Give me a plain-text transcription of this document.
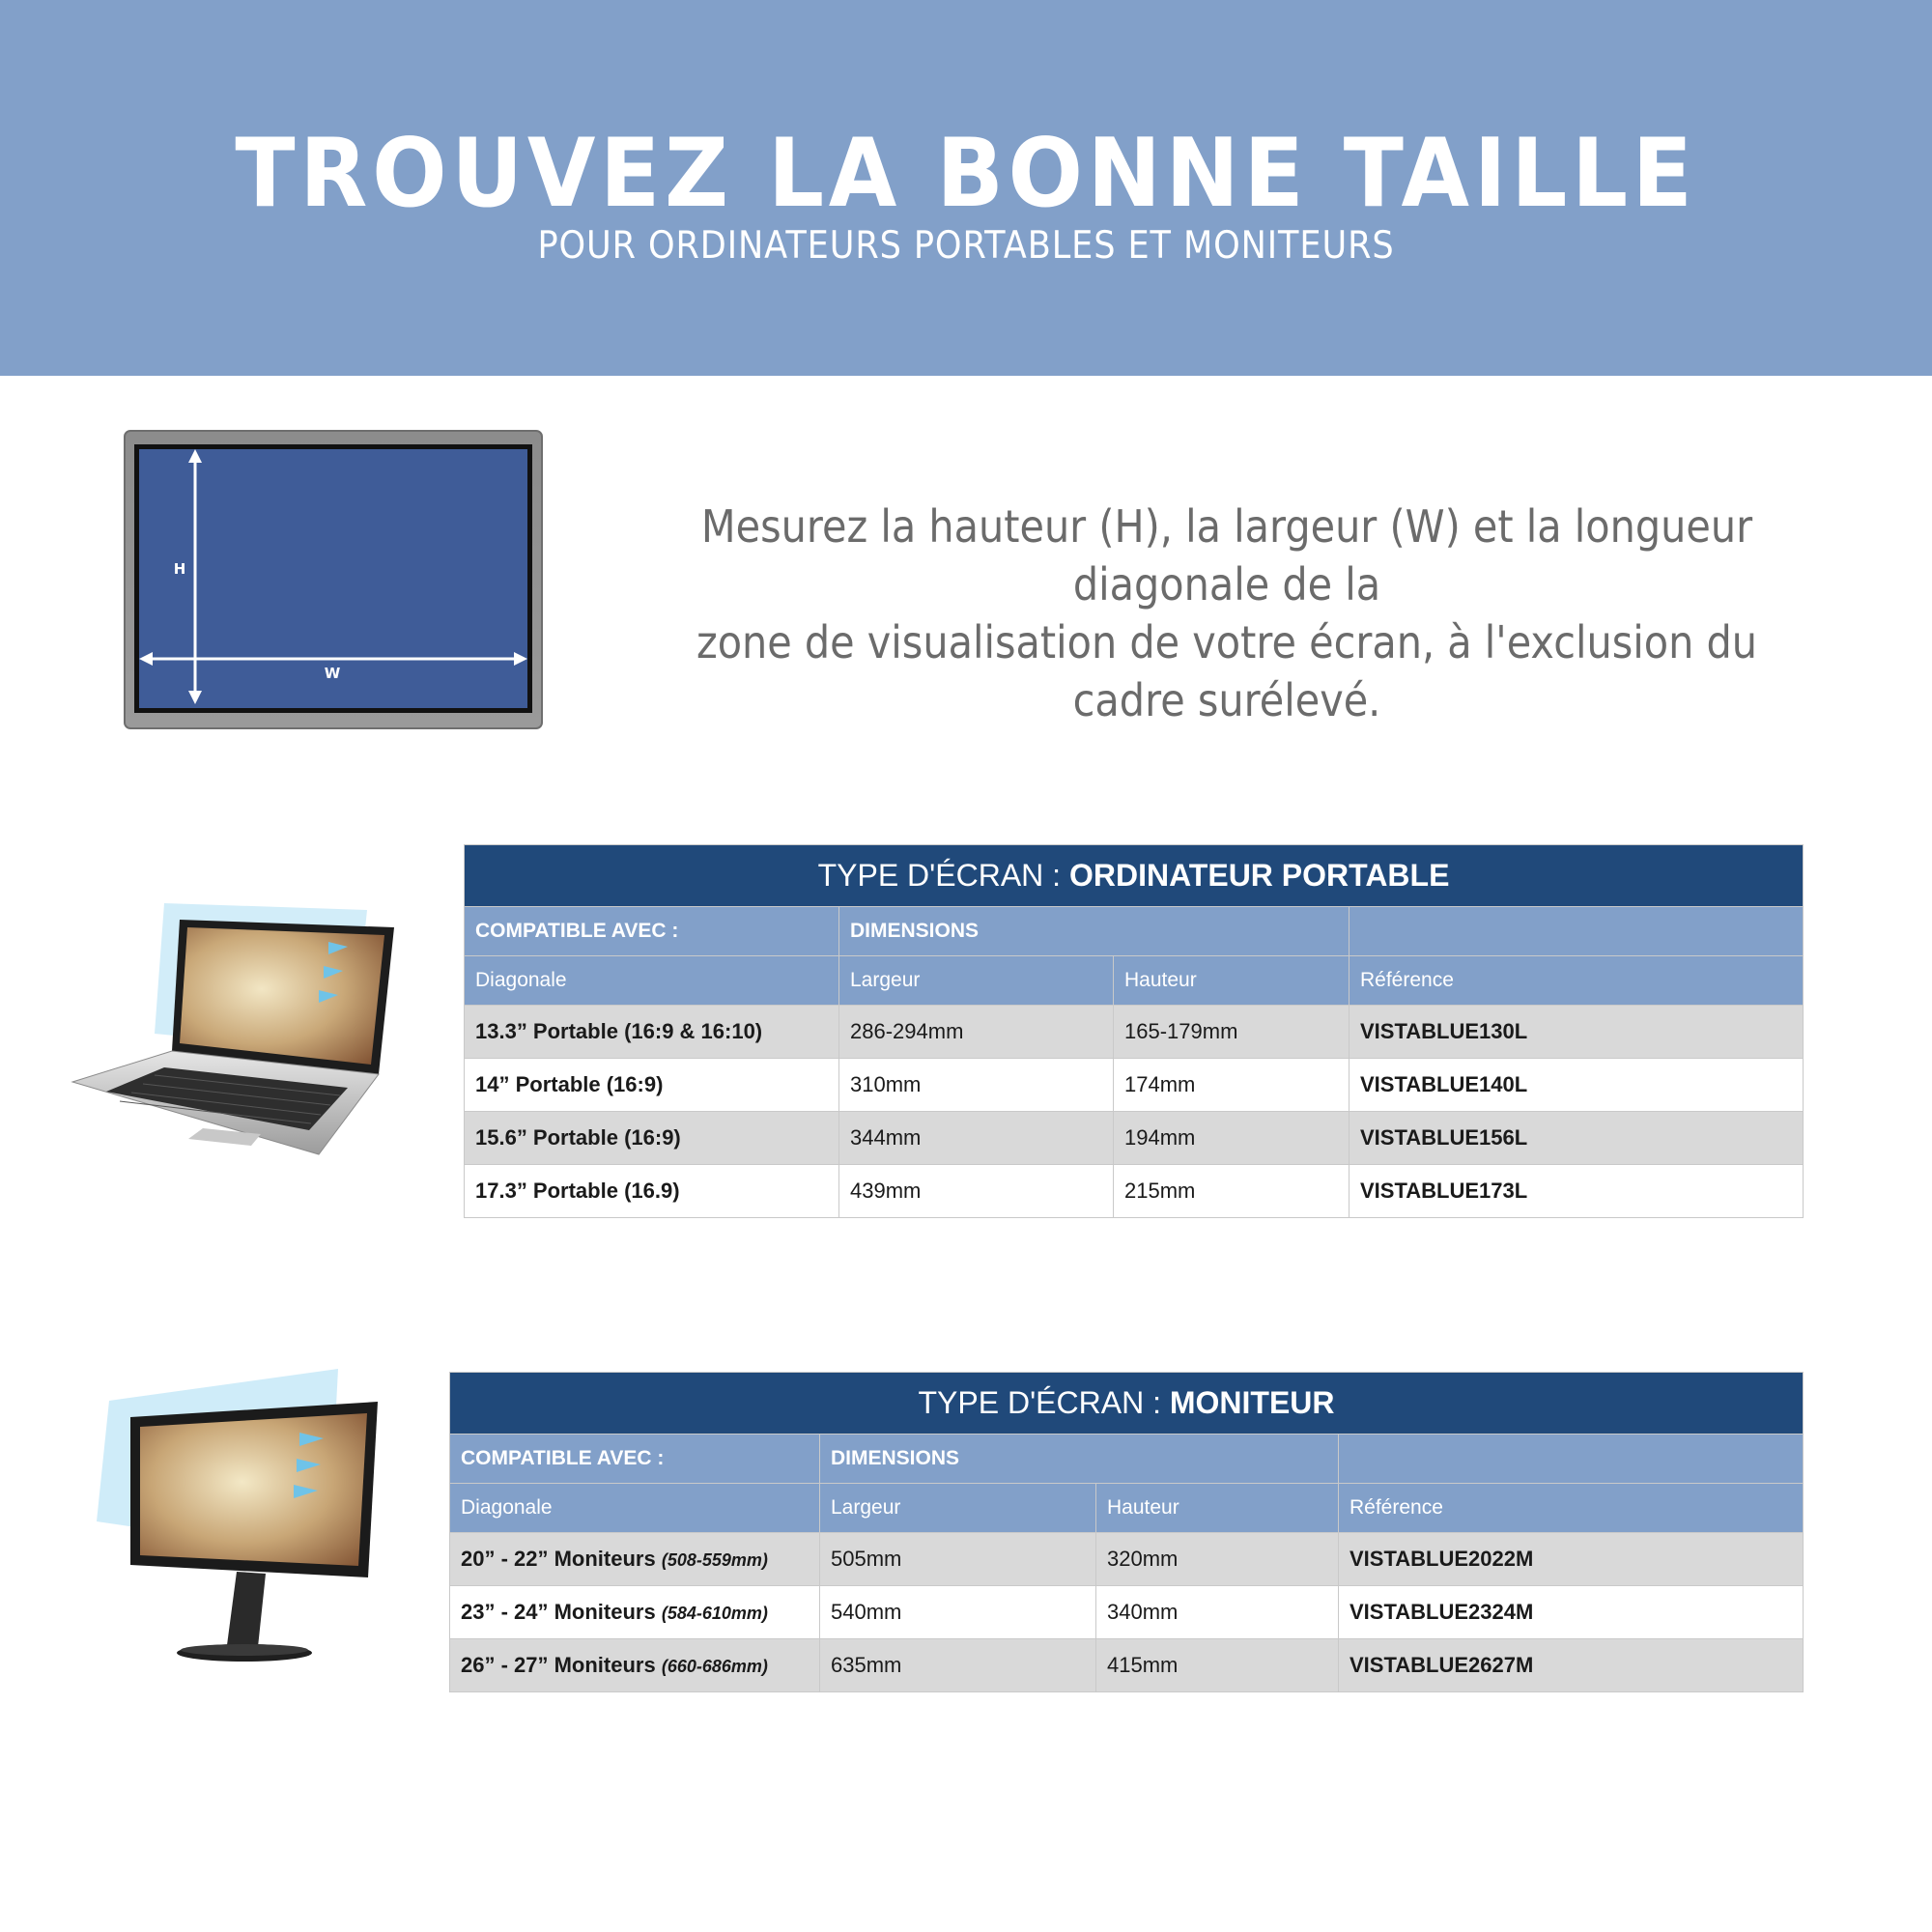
TROUVEZ LA BONNE TAILLE
POUR ORDINATEURS PORTABLES ET MONITEURS
H
W
Mesurez la hauteur (H), la largeur (W) et la longueur diagonale de la
zone de visualisation de votre écran, à l'exclusion du cadre surélevé.
TYPE D'ÉCRAN : ORDINATEUR PORTABLE			
COMPATIBLE AVEC :	DIMENSIONS		
Diagonale	Largeur	Hauteur	Référence
13.3” Portable (16:9 & 16:10)	286-294mm	165-179mm	VISTABLUE130L
14” Portable (16:9)	310mm	174mm	VISTABLUE140L
15.6” Portable (16:9)	344mm	194mm	VISTABLUE156L
17.3” Portable (16.9)	439mm	215mm	VISTABLUE173L
TYPE D'ÉCRAN : MONITEUR			
COMPATIBLE AVEC :	DIMENSIONS		
Diagonale	Largeur	Hauteur	Référence
20” - 22” Moniteurs (508-559mm)	505mm	320mm	VISTABLUE2022M
23” - 24” Moniteurs (584-610mm)	540mm	340mm	VISTABLUE2324M
26” - 27” Moniteurs (660-686mm)	635mm	415mm	VISTABLUE2627M
